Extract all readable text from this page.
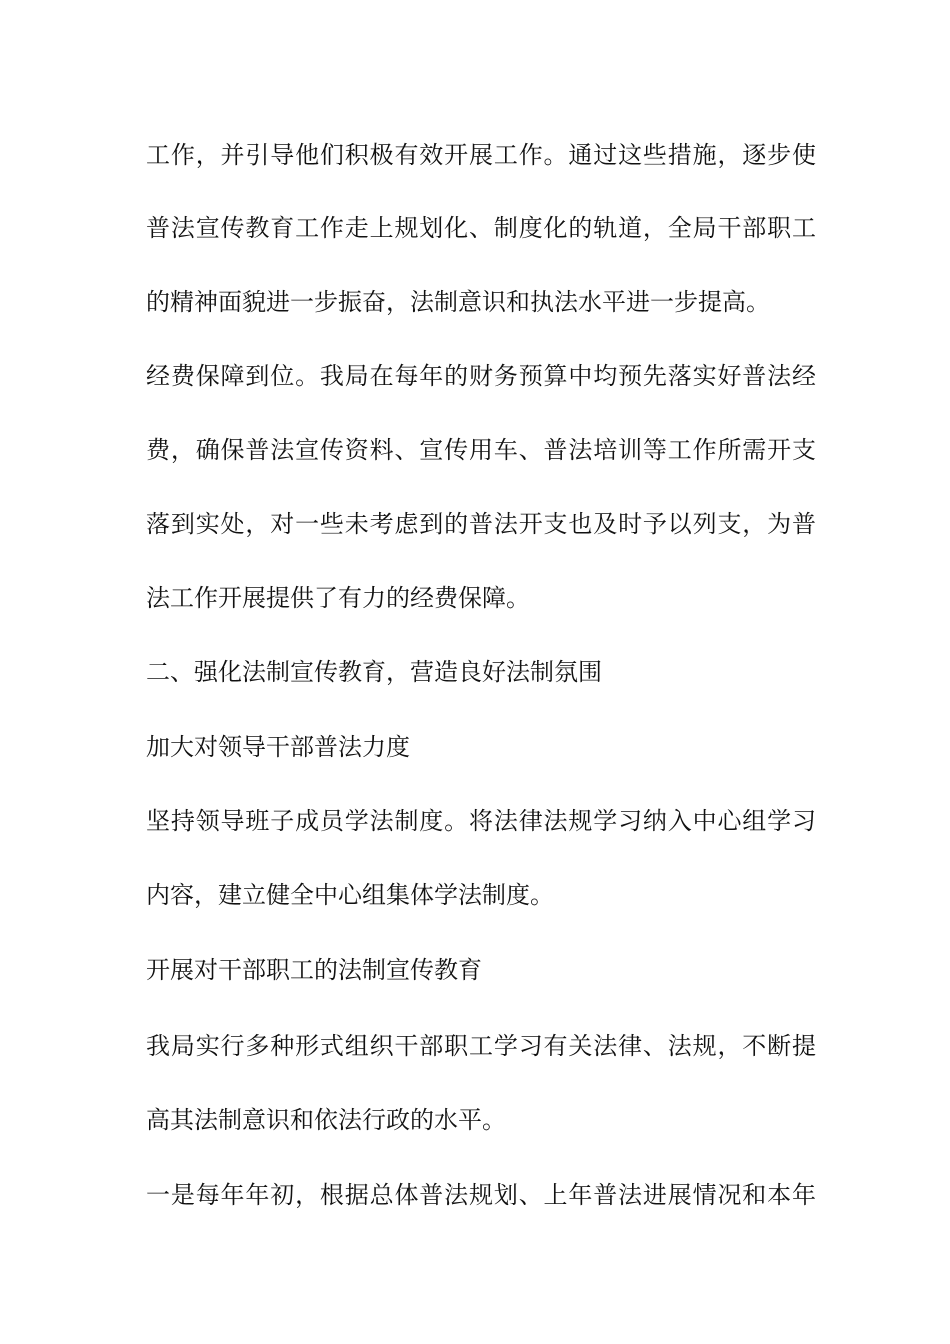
工作，并引导他们积极有效开展工作。通过这些措施，逐步使
普法宣传教育工作走上规划化、制度化的轨道，全局干部职工
的精神面貌进一步振奋，法制意识和执法水平进一步提高。
经费保障到位。我局在每年的财务预算中均预先落实好普法经
费，确保普法宣传资料、宣传用车、普法培训等工作所需开支
落到实处，对一些未考虑到的普法开支也及时予以列支，为普
法工作开展提供了有力的经费保障。
二、强化法制宣传教育，营造良好法制氛围
加大对领导干部普法力度
坚持领导班子成员学法制度。将法律法规学习纳入中心组学习
内容，建立健全中心组集体学法制度。
开展对干部职工的法制宣传教育
我局实行多种形式组织干部职工学习有关法律、法规，不断提
高其法制意识和依法行政的水平。
一是每年年初，根据总体普法规划、上年普法进展情况和本年
